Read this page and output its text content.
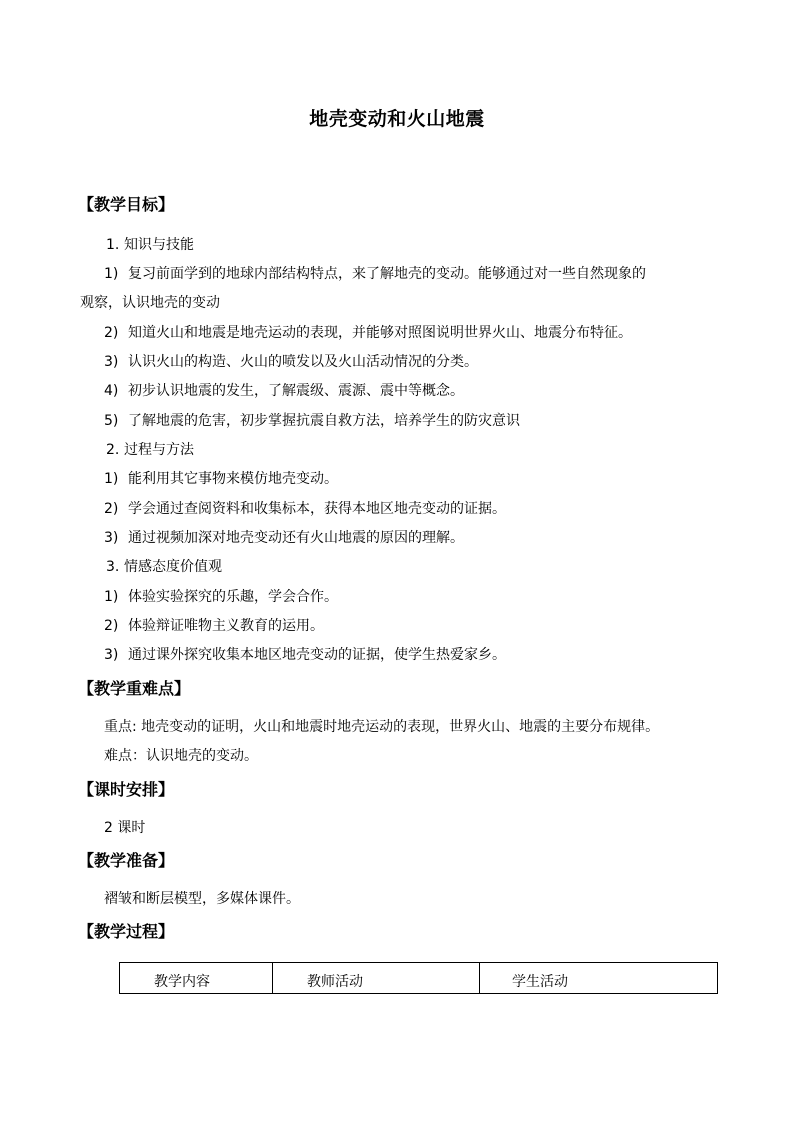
地壳变动和火山地震
【教学目标】
1. 知识与技能
1) 复习前面学到的地球内部结构特点，来了解地壳的变动。能够通过对一些自然现象的
观察，认识地壳的变动
2) 知道火山和地震是地壳运动的表现，并能够对照图说明世界火山、地震分布特征。
3) 认识火山的构造、火山的喷发以及火山活动情况的分类。
4) 初步认识地震的发生，了解震级、震源、震中等概念。
5) 了解地震的危害，初步掌握抗震自救方法，培养学生的防灾意识
2. 过程与方法
1) 能利用其它事物来模仿地壳变动。
2) 学会通过查阅资料和收集标本，获得本地区地壳变动的证据。
3) 通过视频加深对地壳变动还有火山地震的原因的理解。
3. 情感态度价值观
1) 体验实验探究的乐趣，学会合作。
2) 体验辩证唯物主义教育的运用。
3) 通过课外探究收集本地区地壳变动的证据，使学生热爱家乡。
【教学重难点】
重点: 地壳变动的证明，火山和地震时地壳运动的表现，世界火山、地震的主要分布规律。
难点：认识地壳的变动。
【课时安排】
2 课时
【教学准备】
褶皱和断层模型，多媒体课件。
【教学过程】
教学内容	教师活动	学生活动
